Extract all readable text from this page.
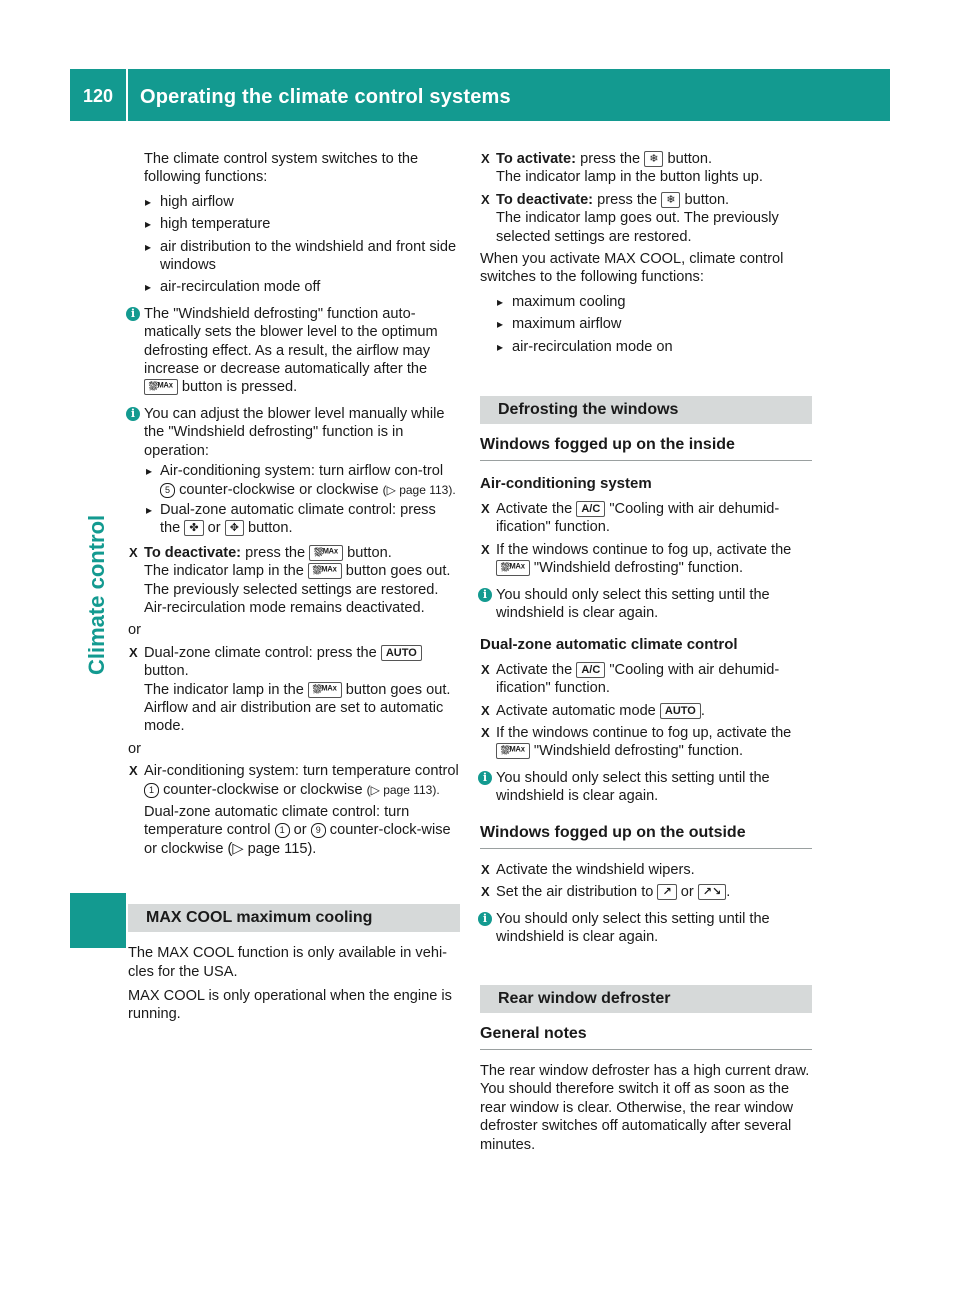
120	Operating the climate control systems
Climate control

The climate control system switches to the following functions:

▸ high airflow
▸ high temperature
▸ air distribution to the windshield and front side windows
▸ air-recirculation mode off
i The "Windshield defrosting" function auto-matically sets the blower level to the optimum defrosting effect. As a result, the airflow may increase or decrease automatically after the ⛆ᴹᴬˣ button is pressed.
i You can adjust the blower level manually while the "Windshield defrosting" function is in operation:
▸ Air-conditioning system: turn airflow con-trol 5 counter-clockwise or clockwise (▷ page 113).
▸ Dual-zone automatic climate control: press the ✤ or ✥ button.
X To deactivate: press the ⛆ᴹᴬˣ button.
The indicator lamp in the ⛆ᴹᴬˣ button goes out. The previously selected settings are restored. Air-recirculation mode remains deactivated.

or

X Dual-zone climate control: press the AUTO
button.
The indicator lamp in the ⛆ᴹᴬˣ button goes out. Airflow and air distribution are set to automatic mode.

or

X Air-conditioning system: turn temperature control 1 counter-clockwise or clockwise (▷ page 113).
Dual-zone automatic climate control: turn temperature control 1 or 9 counter-clock-wise or clockwise (▷ page 115).
MAX COOL maximum cooling

The MAX COOL function is only available in vehi-cles for the USA.

MAX COOL is only operational when the engine is running.

X To activate: press the ❄ button.
The indicator lamp in the button lights up.
X To deactivate: press the ❄ button.
The indicator lamp goes out. The previously selected settings are restored.

When you activate MAX COOL, climate control switches to the following functions:

▸ maximum cooling
▸ maximum airflow
▸ air-recirculation mode on
Defrosting the windows
Windows fogged up on the inside
Air-conditioning system
X Activate the A/C "Cooling with air dehumid-ification" function.
X If the windows continue to fog up, activate the ⛆ᴹᴬˣ "Windshield defrosting" function.
i You should only select this setting until the windshield is clear again.
Dual-zone automatic climate control
X Activate the A/C "Cooling with air dehumid-ification" function.
X Activate automatic mode AUTO .
X If the windows continue to fog up, activate the ⛆ᴹᴬˣ "Windshield defrosting" function.
i You should only select this setting until the windshield is clear again.
Windows fogged up on the outside
X Activate the windshield wipers.
X Set the air distribution to ↗ or ↗↘ .
i You should only select this setting until the windshield is clear again.
Rear window defroster
General notes

The rear window defroster has a high current draw. You should therefore switch it off as soon as the rear window is clear. Otherwise, the rear window defroster switches off automatically after several minutes.
